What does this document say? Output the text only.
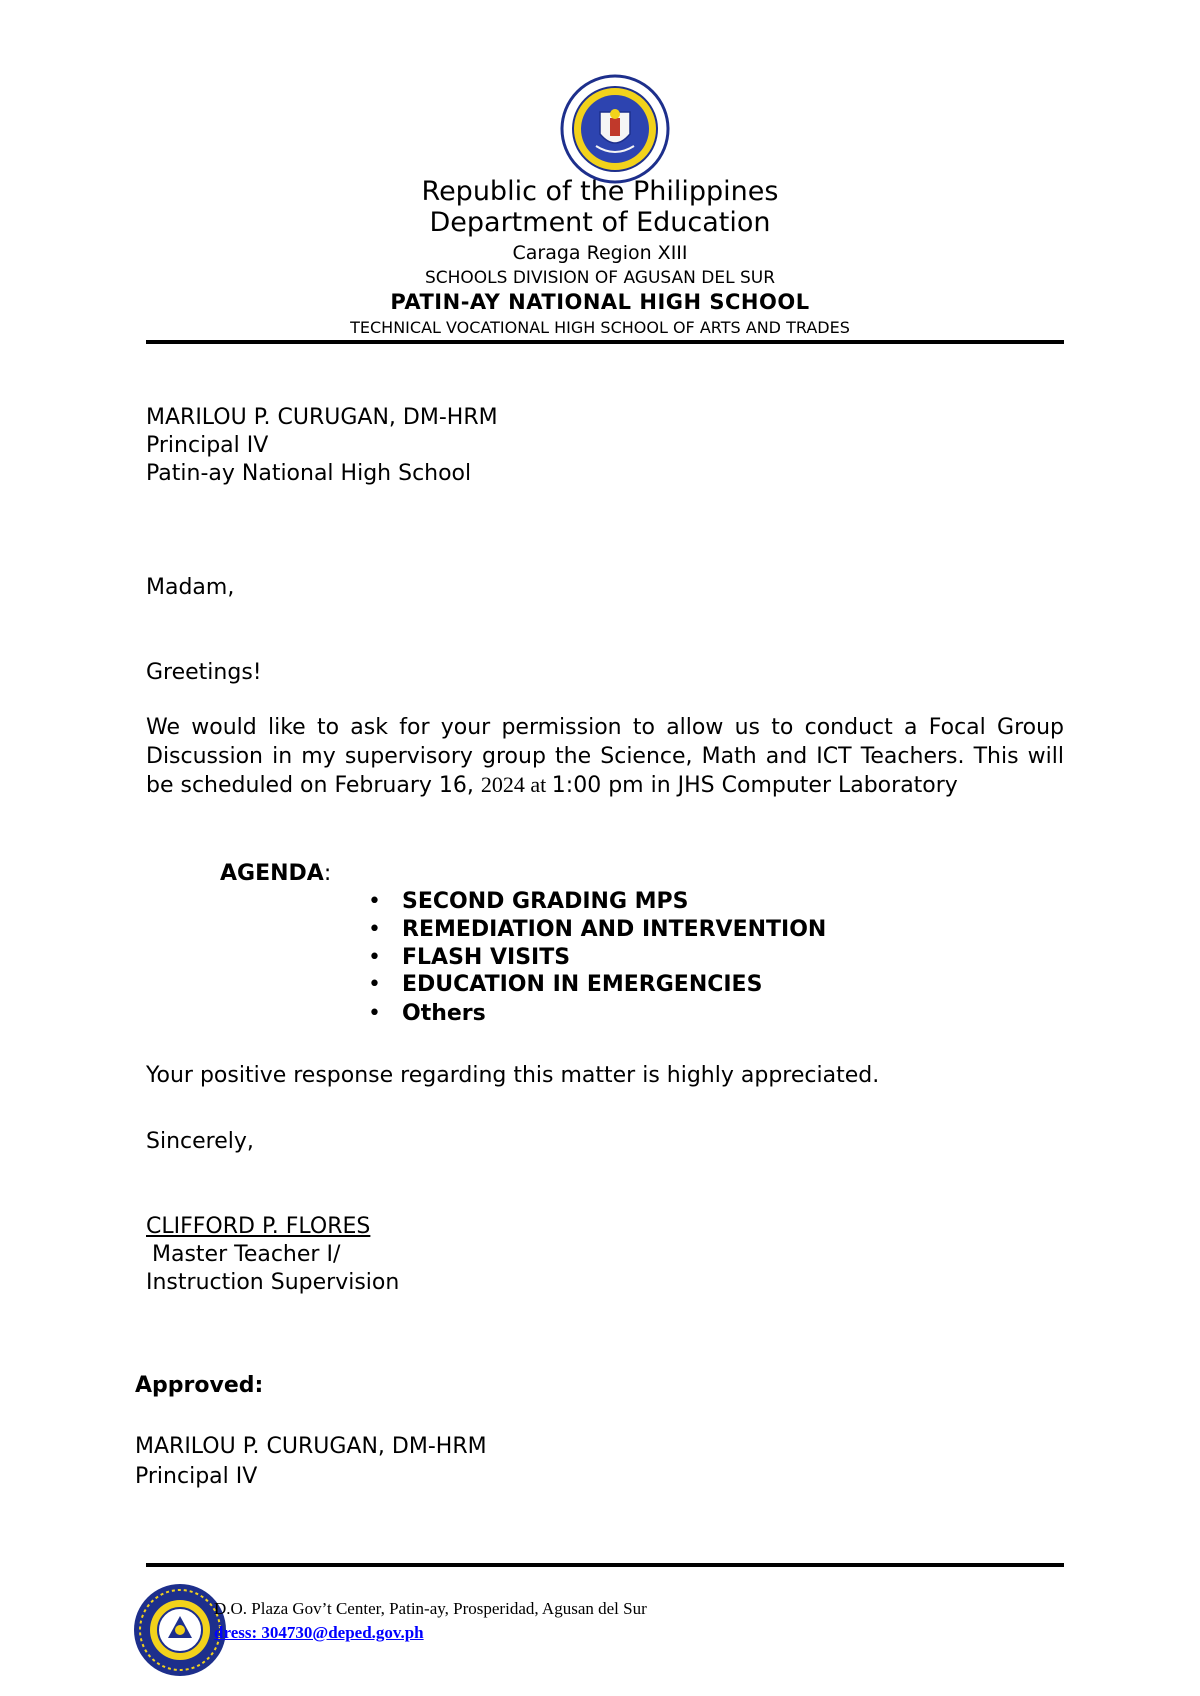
Republic of the Philippines
Department of Education
Caraga Region XIII
SCHOOLS DIVISION OF AGUSAN DEL SUR
PATIN-AY NATIONAL HIGH SCHOOL
TECHNICAL VOCATIONAL HIGH SCHOOL OF ARTS AND TRADES
MARILOU P. CURUGAN, DM-HRM
Principal IV
Patin-ay National High School
Madam,
Greetings!
We would like to ask for your permission to allow us to conduct a Focal Group Discussion in my supervisory group the Science, Math and ICT Teachers. This will be scheduled on February 16, 2024 at 1:00 pm in JHS Computer Laboratory
AGENDA:
• SECOND GRADING MPS
• REMEDIATION AND INTERVENTION
• FLASH VISITS
• EDUCATION IN EMERGENCIES
• Others
Your positive response regarding this matter is highly appreciated.
Sincerely,
CLIFFORD P. FLORES
Master Teacher I/
Instruction Supervision
Approved:
MARILOU P. CURUGAN, DM-HRM
Principal IV
D.O. Plaza Gov’t Center, Patin-ay, Prosperidad, Agusan del Sur
dress: 304730@deped.gov.ph
